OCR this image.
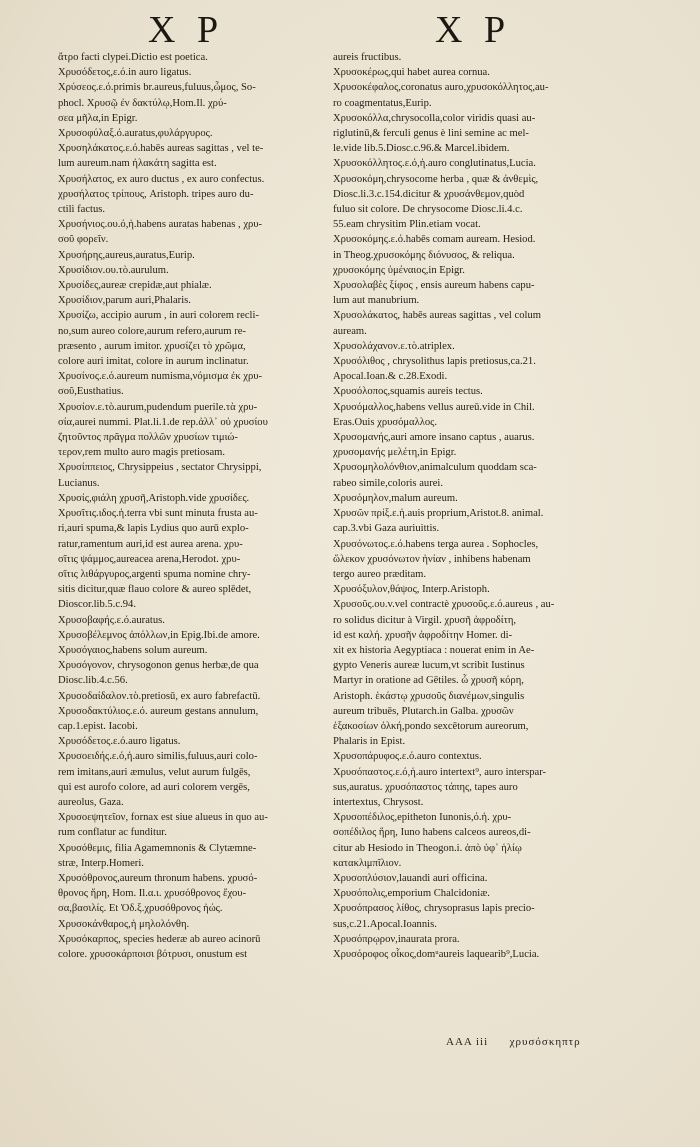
X P	X P
ἄτρο facti clypei.Dictio est poetica.
Χρυσόδετος,ε.ό.in auro ligatus.
Χρύσεος.ε.ό.primis br.aureus,fuluus,ὦμος, So-
phocl. Χρυσῷ ἐν δακτύλῳ,Hom.Il. χρύ-
σεα μῆλα,in Epigr.
Χρυσοφύλαξ.ό.auratus,φυλάργυρος.
Χρυσηλάκατος.ε.ό.habēs aureas sagittas , vel te-
lum aureum.nam ἠλακάτη sagitta est.
Χρυσήλατος, ex auro ductus , ex auro confectus.
χρυσήλατος τρίπους, Aristoph. tripes auro du-
ctili factus.
Χρυσήνιος.ου.ό,ἡ.habens auratas habenas , χρυ-
σοῦ φορεῖν.
Χρυσήρης,aureus,auratus,Eurip.
Χρυσίδιον.ου.τὸ.aurulum.
Χρυσίδες,aureæ crepidæ,aut phialæ.
Χρυσίδιον,parum auri,Phalaris.
Χρυσίζω, accipio aurum , in auri colorem recli-
no,sum aureo colore,aurum refero,aurum re-
præsento , aurum imitor. χρυσίζει τὸ χρῶμα,
colore auri imitat, colore in aurum inclinatur.
Χρυσίνος.ε.ό.aureum numisma,νόμισμα ἐκ χρυ-
σοῦ,Eusthatius.
Χρυσίον.ε.τὸ.aurum,pudendum puerile.τὰ χρυ-
σία,aurei nummi. Plat.li.1.de rep.ἀλλ᾽ οὐ χρυσίου
ζητοῦντος πρᾶγμα πολλῶν χρυσίων τιμιώ-
τερον,rem multo auro magis pretiosam.
Χρυσίππειος, Chrysippeius , sectator Chrysippi,
Lucianus.
Χρυσίς,φιάλη χρυσῆ,Aristoph.vide χρυσίδες.
Χρυσῖτις.ιδος.ἡ.terra vbi sunt minuta frusta au-
ri,auri spuma,& lapis Lydius quo aurū explo-
ratur,ramentum auri,id est aurea arena. χρυ-
σῖτις ψάμμος,aureacea arena,Herodot. χρυ-
σῖτις λιθάργυρος,argenti spuma nomine chry-
sitis dicitur,quæ flauo colore & aureo splēdet,
Dioscor.lib.5.c.94.
Χρυσοβαφής.ε.ό.auratus.
Χρυσοβέλεμνος ἀπόλλων,in Epig.Ibi.de amore.
Χρυσόγαιος,habens solum aureum.
Χρυσόγονον, chrysogonon genus herbæ,de qua
Diosc.lib.4.c.56.
Χρυσοδαίδαλον.τὸ.pretiosū, ex auro fabrefactū.
Χρυσοδακτύλιος.ε.ό. aureum gestans annulum,
cap.1.epist. Iacobi.
Χρυσόδετος.ε.ό.auro ligatus.
Χρυσοειδής.ε.ό,ἡ.auro similis,fuluus,auri colo-
rem imitans,auri æmulus, velut aurum fulgēs,
qui est aurofo colore, ad auri colorem vergēs,
aureolus, Gaza.
Χρυσοεψητεῖον, fornax est siue alueus in quo au-
rum conflatur ac funditur.
Χρυσόθεμις, filia Agamemnonis & Clytæmne-
stræ, Interp.Homeri.
Χρυσόθρονος,aureum thronum habens. χρυσό-
θρονος ἥρη, Hom. Il.α.ι. χρυσόθρονος ἔχου-
σα,βασιλίς. Et Ὀδ.ξ.χρυσόθρονος ἠώς.
Χρυσοκάνθαρος,ἡ μηλολόνθη.
Χρυσόκαρπος, species hederæ ab aureo acinorū
colore. χρυσοκάρποισι βότρυσι, onustum est
aureis fructibus.
Χρυσοκέρως,qui habet aurea cornua.
Χρυσοκέφαλος,coronatus auro,χρυσοκόλλητος,au-
ro coagmentatus,Eurip.
Χρυσοκόλλα,chrysocolla,color viridis quasi au-
riglutinū,& ferculi genus è lini semine ac mel-
le.vide lib.5.Diosc.c.96.& Marcel.ibidem.
Χρυσοκόλλητος.ε.ό,ἡ.auro conglutinatus,Lucia.
Χρυσοκόμη,chrysocome herba , quæ & ἀνθεμὶς,
Diosc.li.3.c.154.dicitur & χρυσάνθεμον,quòd
fuluo sit colore. De chrysocome Diosc.li.4.c.
55.eam chrysitim Plin.etiam vocat.
Χρυσοκόμης.ε.ό.habēs comam auream. Hesiod.
in Theog.χρυσοκόμης διόνυσος, & reliqua.
χρυσοκόμης ὑμέναιος,in Epigr.
Χρυσολαβὲς ξίφος , ensis aureum habens capu-
lum aut manubrium.
Χρυσολάκατος, habēs aureas sagittas , vel colum
auream.
Χρυσολάχανον.ε.τὸ.atriplex.
Χρυσόλιθος , chrysolithus lapis pretiosus,ca.21.
Apocal.Ioan.& c.28.Exodi.
Χρυσόλοπος,squamis aureis tectus.
Χρυσόμαλλος,habens vellus aureū.vide in Chil.
Eras.Ouis χρυσόμαλλος.
Χρυσομανής,auri amore insano captus , auarus.
χρυσομανής μελέτη,in Epigr.
Χρυσομηλολόνθιον,animalculum quoddam sca-
rabeo simile,coloris aurei.
Χρυσόμηλον,malum aureum.
Χρυσῶν πρίξ.ε.ἡ.auis proprium,Aristot.8. animal.
cap.3.vbi Gaza auriuittis.
Χρυσόνωτος.ε.ό.habens terga aurea . Sophocles,
ὥλεκον χρυσόνωτον ἡνίαν , inhibens habenam
tergo aureo præditam.
Χρυσόξυλον,θάψος, Interp.Aristoph.
Χρυσοῦς.ου.v.vel contractè χρυσοῦς.ε.ό.aureus , au-
ro solidus dicitur à Virgil. χρυσῆ ἀφροδίτη,
id est καλή. χρυσῆν ἀφροδίτην Homer. di-
xit ex historia Aegyptiaca : nouerat enim in Ae-
gypto Veneris aureæ lucum,vt scribit Iustinus
Martyr in oratione ad Gētiles. ὦ χρυσῆ κόρη,
Aristoph. ἑκάστῳ χρυσοῦς διανέμων,singulis
aureum tribuēs, Plutarch.in Galba. χρυσῶν
ἑξακοσίων ὁλκή,pondo sexcētorum aureorum,
Phalaris in Epist.
Χρυσοπάρυφος.ε.ό.auro contextus.
Χρυσόπαστος.ε.ό,ἡ.auro intertext⁹, auro interspar-
sus,auratus. χρυσόπαστος τάπης, tapes auro
intertextus, Chrysost.
Χρυσοπέδιλος,epitheton Iunonis,ό.ἡ. χρυ-
σοπέδιλος ἥρη, Iuno habens calceos aureos,di-
citur ab Hesiodo in Theogon.i. ἀπὸ ὑφ᾽ ἡλίῳ
κατακλιμπῖλιον.
Χρυσοπλύσιον,lauandi auri officina.
Χρυσόπολις,emporium Chalcidoniæ.
Χρυσόπρασος λίθος, chrysoprasus lapis precio-
sus,c.21.Apocal.Ioannis.
Χρυσόπρῳρον,inaurata prora.
Χρυσόροφος οἶκος,domᵘaureis laquearib⁹,Lucia.
AAA iii χρυσόσκηπτρ
